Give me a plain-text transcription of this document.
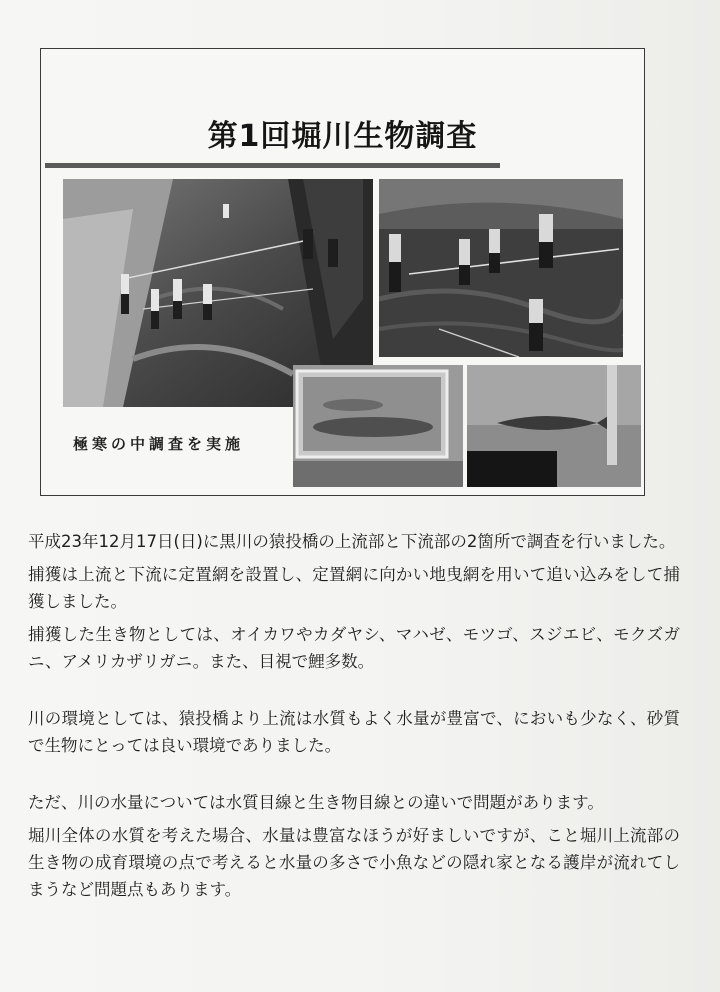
第1回堀川生物調査
極寒の中調査を実施

平成23年12月17日(日)に黒川の猿投橋の上流部と下流部の2箇所で調査を行いました。

捕獲は上流と下流に定置網を設置し、定置網に向かい地曳網を用いて追い込みをして捕獲しました。

捕獲した生き物としては、オイカワやカダヤシ、マハゼ、モツゴ、スジエビ、モクズガニ、アメリカザリガニ。また、目視で鯉多数。

川の環境としては、猿投橋より上流は水質もよく水量が豊富で、においも少なく、砂質で生物にとっては良い環境でありました。

ただ、川の水量については水質目線と生き物目線との違いで問題があります。

堀川全体の水質を考えた場合、水量は豊富なほうが好ましいですが、こと堀川上流部の生き物の成育環境の点で考えると水量の多さで小魚などの隠れ家となる護岸が流れてしまうなど問題点もあります。
